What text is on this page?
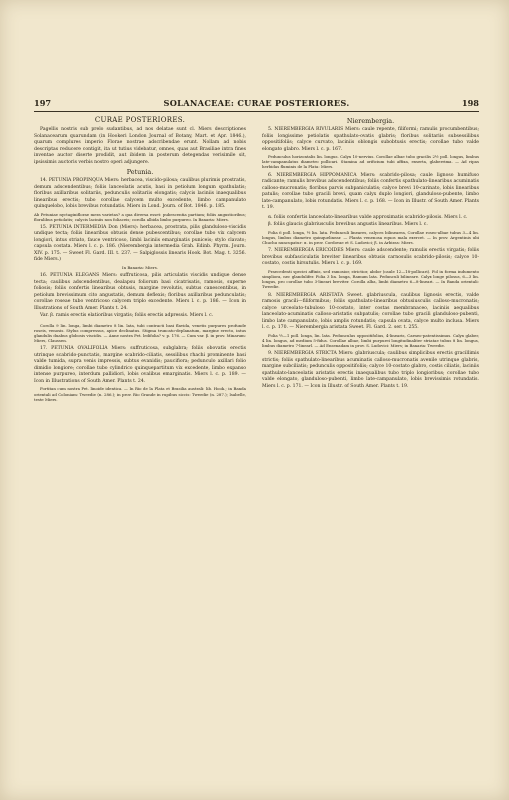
197	SOLANACEAE: CURAE POSTERIORES.	198
CURAE POSTERIORES.

Pagellis nostris sub prelo sudantibus, ad nos delatae sunt cl. Miers descriptiones Solanacearum quarundam (in Hookeri London Journal of Botany, Mart. et Apr. 1846.), quarum complures imperio Florae nostrae adscribendae erunt. Nollam ad nobis descriptas reducere contigit, ita ut tutius videbatur, omnes, quas aut Brasiliae intra fines inventae auctor diserte prodidit, aut ibidem in posterum detegendas verisimile sit, ipsissimis auctoris verbis nostro operi adjungere.

Petunia.

14. PETUNIA PROPINQUA Miers: herbacea, viscido-pilosa; caulibus plurimis prostratis, demum adscendentibus; foliis lanceolatis acutis, basi in petiolum longum spathulatis; floribus axillaribus solitariis, pedunculis solitariis elongatis; calycis laciniis inaequalibus linearibus erectis; tubo corollae calycem multo excedente, limbo campanulato quinquelobo, lobis brevibus rotundatis. Miers in Lond. Journ. of Bot. 1846. p. 185.

Ab Petuniae nyctaginiflorae mera varietas? a qua diversa esset: pubescentia partium; foliis angustioribus; floralibus petiolatis; calycis laciniis non foliaceis; corolla albida limbo purpureo. In Banaria: Miers.

15. PETUNIA INTERMEDIA Don (Miers): herbacea, prostrata, pilis glanduloso-viscidis undique tecta; foliis linearibus obtusis dense pubescentibus; corollae tubo vix calycem longiori, intus striato, fauce ventricoso, limbi laciniis emarginatis puniceis; stylo clavato; capsula costata. Miers l. c. p. 186. (Nierembergia intermedia Grah. Edinb. Phyrm. Journ. XIV. p. 175. — Sweet Fl. Gard. III. t. 237. — Salpiglossis linearis Hook. Bot. Mag. t. 3256. fide Miers.)

In Banaria: Miers.

16. PETUNIA ELEGANS Miers: suffruticosa, pilis articulatis viscidis undique dense tecta; caulibus adscendentibus, dealapsu foliorum basi cicatrisatis, ramosis, superne foliosis; foliis confertis linearibus obtusis, margine revolutis, subtus canescentibus, in petiolum brevissimum cito angustatis, demum deflexis; floribus axillaribus pedunculatis; corollae roseae tubo ventricoso calycem triplo excedente. Miers l. c. p. 186. — Icon in Illustrations of South Amer. Plants t. 24.

Var. β. ramis erectis elatioribus virgatis; foliis erectis adpressis. Miers l. c.

Corolla 9 lin. longa, limbi diametro 8 lin. lata, tubi contracti basi flavida, venetis purpures profunde roseis, venosis. Stylus compressus, apice declinatus. Stigma truncato-deplanatum, margine erecto, intus glandulis duabus globosis viscidis. — Anne nostra Pet. ledifolia? v. p. 176. — Cum var. β. in prov. Minarum: Miers, Claussen.

17. PETUNIA OVALIFOLIA Miers: suffruticosa, subglabra; foliis obovatis erectis utrinque scabrido-punctatis, margine scabrido-ciliatis, sessilibus rhachi prominente basi valde tumida, supra venis impressis, subtus evanidis; paucifiora; pedunculo axillari folio dimidio longiore; corollae tubo cylindrico quinquepartitum vix excedente, limbo expanso intense purpureo, interdum pallidiori, lobis ovalibus emarginatis. Miers l. c. p. 189. — Icon in Illustrations of South Amer. Plants t. 24.

Fortitan cum nostra Pet. linoide identica. — In Rio de la Plata et Brasilia australi: lib. Hook.; in Banda orientali ad Coloniam: Tweedie (n. 286.); in prov. Rio Grande in rupibus siccis: Tweedie (n. 287.); Isabelle, teste Miers.

Nierembergia.

5. NIEREMBERGIA RIVULARIS Miers: caule repente, filiformi; ramulis procumbentibus; foliis longissime petiolatis spathulato-ovatis glabris; floribus solitariis subsessilibus oppositifoliis; calyce curvato, laciniis oblongis subobtusis erectis; corollae tubo valde elongato glabro. Miers l. c. p. 167.

Pedunculus horizontalis lin. longus. Calyx 10-nervius. Corollae albae tubo gracilis 2½ poll. longus, limbus late-campanulatus diametro pollicari. Stamina ad orificium tubi affixa, exserta, glaberrima. — Ad ripas herbidas fluminis de la Plata: Miers.

6. NIEREMBERGIA HIPPOMANICA Miers: scabrido-pilosa; caule lignoso humifuso radicante; ramulis brevibus adscendentibus; foliis confertis spathulato-linearibus acuminatis calloso-mucronatis; floribus parvis subpaniculatis; calyce brevi 10-carinato, lobis linearibus patulis; corollae tubo gracili brevi, quam calyx duplo longiori, glanduloso-pubente, limbo late-campanulato, lobis rotundatis. Miers l. c. p. 168. — Icon in Illustr. of South Amer. Plants t. 19.

α. foliis confertis lanceolato-linearibus valde approximatis scabrido-pilosis. Miers l. c.

β. foliis glaucis glabriusculis brevibus angustis linearibus. Miers l. c.

Folia 6 poll. longa, ½ lin. lata. Pedunculi lineares, calyces bilinearea, Corollae roseo-albae tubus 3—4 lin. longus, limbus diametro quinquelinear. — Planta venenosa equos mala exercet. — In prov. Argentinis ubi Chuchu nuncupatur: α. in prov. Cordovae et S. Ludovici; β. in Arbiras: Miers.

7. NIEREMBERGIA ERICOIDES Miers: caule adscendente; ramulis erectis virgatis; foliis brevibus subfasciculatis breviter linearibus obtusis carnosulis scabrido-pilosis; calyce 10-costato, costis hirsutulis. Miers l. c. p. 169.

Praecedenti speciei affinis, sed ramosior, strictior, abdor (caule 12—18-pollicari). Fol in forma indumento simpliora, nec glandulifer. Folia 3 lin. longa, Ramum lata. Pedunculi bilineare. Calyx longe pilosus, 6—3 lin. longus, pro corollae tubo 3-lineari breviter. Corolla alba, limbi diametro 6—8-lineari. — In Banda orientali: Tweedie.

8. NIEREMBERGIA ARISTATA Sweet. glabriuscula, caulibus lignosis erectis, valde ramosis gracili—filiformibus; foliis spathulato-linearibus obtusiusculis calloso-mucronatis; calyce urceolato-tubuloso 10-costato, inter costas membranaceo, laciniis aequalibus lanceolato-acuminatis calloso-aristatis subpatulis; corollae tubo gracili glanduloso-pubenti, limbo late campanulato, lobis amplis rotundatis; capsula ovata, calyce multo inclusa. Miers l. c. p. 170. — Nierembergia aristata Sweet. Fl. Gard. 2. ser. t. 255.

Folia ½—1 poll. longa, lin. lata. Pedunculus oppositifolius, 4-linearis, Carneo-patentissimus. Calyx glaber, 4 lin. longus, ad medium 5-fidus. Corollae albae, limbi purpurei longitudinaliter striatae tubus 8 lin. longus, limbus diametro 7-linearl. — Ad Ensenadam in prov. S. Ludovici: Miers; in Banaria: Tweedie.

9. NIEREMBERGIA STRICTA Miers: glabriuscula; caulibus simplicibus erectis gracillimis strictis; foliis spathulato-linearibus acuminatis calloso-mucronatis avenile utrinque glabris, margine subciliatis; pedunculis oppositifoliis; calyce 10-costato glabro, costis ciliatis, laciniis spathulato-lanceolatis aristatis erectis inaequalibus tubo triplo longioribus; corollae tubo valde elongato, glanduloso-pubenti, limbo late-campanulato, lobis brevissimis rotundatis. Miers l. c. p. 171. — Icon in Illustr. of South Amer. Plants t. 19.
